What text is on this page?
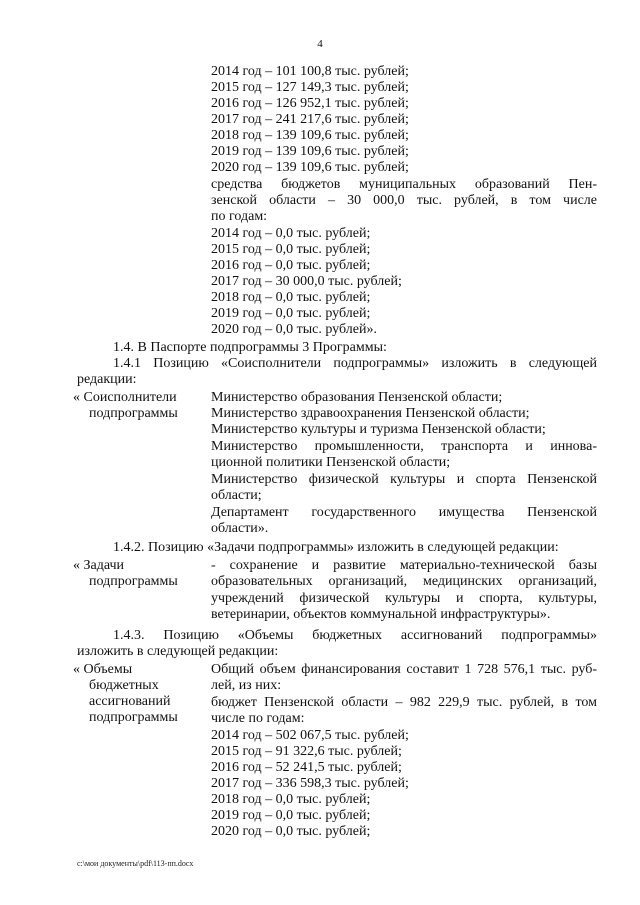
4
2014 год – 101 100,8 тыс. рублей;
2015 год – 127 149,3 тыс. рублей;
2016 год – 126 952,1 тыс. рублей;
2017 год – 241 217,6 тыс. рублей;
2018 год – 139 109,6 тыс. рублей;
2019 год – 139 109,6 тыс. рублей;
2020 год – 139 109,6 тыс. рублей;
средства бюджетов муниципальных образований Пен-
зенской области – 30 000,0 тыс. рублей, в том числе
по годам:
2014 год – 0,0 тыс. рублей;
2015 год – 0,0 тыс. рублей;
2016 год – 0,0 тыс. рублей;
2017 год – 30 000,0 тыс. рублей;
2018 год – 0,0 тыс. рублей;
2019 год – 0,0 тыс. рублей;
2020 год – 0,0 тыс. рублей».
1.4. В Паспорте подпрограммы 3 Программы:
1.4.1 Позицию «Соисполнители подпрограммы» изложить в следующей
редакции:
« Соисполнители
подпрограммы
Министерство образования Пензенской области;
Министерство здравоохранения Пензенской области;
Министерство культуры и туризма Пензенской области;
Министерство промышленности, транспорта и иннова-
ционной политики Пензенской области;
Министерство физической культуры и спорта Пензенской
области;
Департамент государственного имущества Пензенской
области».
1.4.2. Позицию «Задачи подпрограммы» изложить в следующей редакции:
« Задачи
подпрограммы
- сохранение и развитие материально-технической базы
образовательных организаций, медицинских организаций,
учреждений физической культуры и спорта, культуры,
ветеринарии, объектов коммунальной инфраструктуры».
1.4.3. Позицию «Объемы бюджетных ассигнований подпрограммы»
изложить в следующей редакции:
« Объемы
бюджетных
ассигнований
подпрограммы
Общий объем финансирования составит 1 728 576,1 тыс. руб-
лей, из них:
бюджет Пензенской области – 982 229,9 тыс. рублей, в том
числе по годам:
2014 год – 502 067,5 тыс. рублей;
2015 год – 91 322,6 тыс. рублей;
2016 год – 52 241,5 тыс. рублей;
2017 год – 336 598,3 тыс. рублей;
2018 год – 0,0 тыс. рублей;
2019 год – 0,0 тыс. рублей;
2020 год – 0,0 тыс. рублей;
c:\мои документы\pdf\113-пп.docx
